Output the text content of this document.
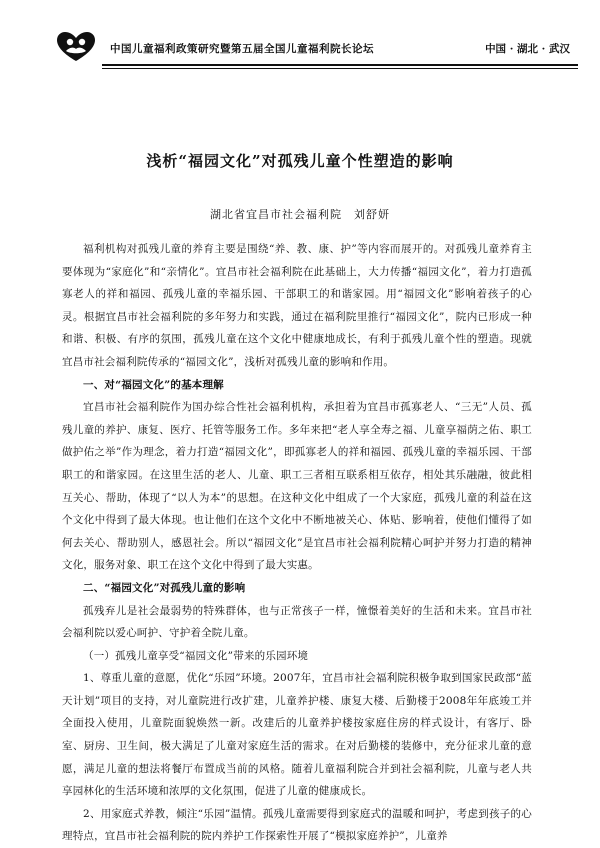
中国儿童福利政策研究暨第五届全国儿童福利院长论坛	中国 · 湖北 · 武汉
浅析“福园文化”对孤残儿童个性塑造的影响
湖北省宜昌市社会福利院　刘舒妍

福利机构对孤残儿童的养育主要是围绕“养、教、康、护”等内容而展开的。对孤残儿童养育主要体现为“家庭化”和“亲情化”。宜昌市社会福利院在此基础上，大力传播“福园文化”，着力打造孤寡老人的祥和福园、孤残儿童的幸福乐园、干部职工的和谐家园。用“福园文化”影响着孩子的心灵。根据宜昌市社会福利院的多年努力和实践，通过在福利院里推行“福园文化”，院内已形成一种和谐、积极、有序的氛围，孤残儿童在这个文化中健康地成长，有利于孤残儿童个性的塑造。现就宜昌市社会福利院传承的“福园文化”，浅析对孤残儿童的影响和作用。

一、对“福园文化”的基本理解

宜昌市社会福利院作为国办综合性社会福利机构，承担着为宜昌市孤寡老人、“三无”人员、孤残儿童的养护、康复、医疗、托管等服务工作。多年来把“老人享全寿之福、儿童享福荫之佑、职工做护佑之举”作为理念，着力打造“福园文化”，即孤寡老人的祥和福园、孤残儿童的幸福乐园、干部职工的和谐家园。在这里生活的老人、儿童、职工三者相互联系相互依存，相处其乐融融，彼此相互关心、帮助，体现了“以人为本”的思想。在这种文化中组成了一个大家庭，孤残儿童的利益在这个文化中得到了最大体现。也让他们在这个文化中不断地被关心、体贴、影响着，使他们懂得了如何去关心、帮助别人，感恩社会。所以“福园文化”是宜昌市社会福利院精心呵护并努力打造的精神文化，服务对象、职工在这个文化中得到了最大实惠。

二、“福园文化”对孤残儿童的影响

孤残弃儿是社会最弱势的特殊群体，也与正常孩子一样，憧憬着美好的生活和未来。宜昌市社会福利院以爱心呵护、守护着全院儿童。

（一）孤残儿童享受“福园文化”带来的乐园环境

1、尊重儿童的意愿，优化“乐园”环境。2007年，宜昌市社会福利院积极争取到国家民政部“蓝天计划”项目的支持，对儿童院进行改扩建，儿童养护楼、康复大楼、后勤楼于2008年年底竣工并全面投入使用，儿童院面貌焕然一新。改建后的儿童养护楼按家庭住房的样式设计，有客厅、卧室、厨房、卫生间，极大满足了儿童对家庭生活的需求。在对后勤楼的装修中，充分征求儿童的意愿，满足儿童的想法将餐厅布置成当前的风格。随着儿童福利院合并到社会福利院，儿童与老人共享园林化的生活环境和浓厚的文化氛围，促进了儿童的健康成长。

2、用家庭式养教，倾注“乐园”温情。孤残儿童需要得到家庭式的温暖和呵护，考虑到孩子的心理特点，宜昌市社会福利院的院内养护工作探索性开展了“模拟家庭养护”，儿童养
